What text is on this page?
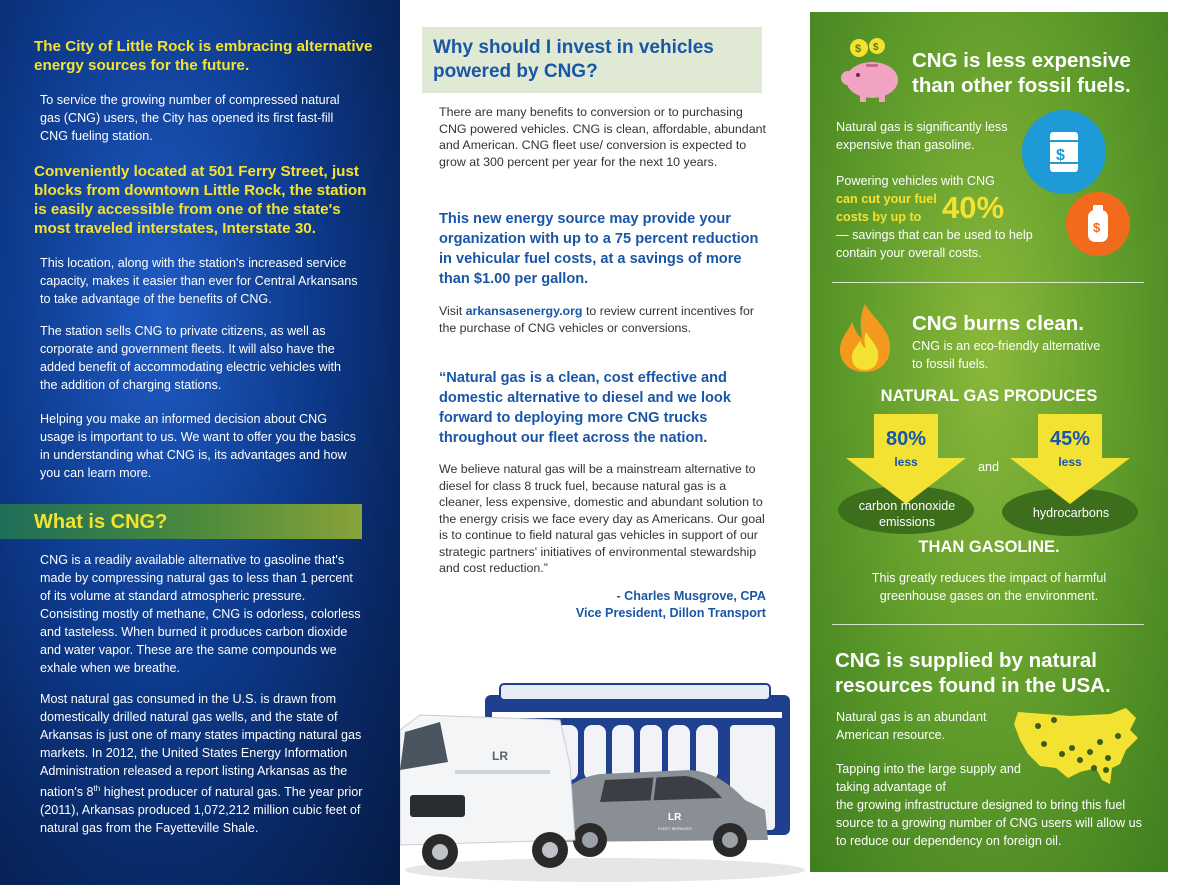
The City of Little Rock is embracing alternative energy sources for the future.
To service the growing number of compressed natural gas (CNG) users, the City has opened its first fast-fill CNG fueling station.
Conveniently located at 501 Ferry Street, just blocks from downtown Little Rock, the station is easily accessible from one of the state's most traveled interstates, Interstate 30.
This location, along with the station's increased service capacity, makes it easier than ever for Central Arkansans to take advantage of the benefits of CNG.
The station sells CNG to private citizens, as well as corporate and government fleets. It will also have the added benefit of accommodating electric vehicles with the addition of charging stations.
Helping you make an informed decision about CNG usage is important to us. We want to offer you the basics in understanding what CNG is, its advantages and how you can learn more.
What is CNG?
CNG is a readily available alternative to gasoline that's made by compressing natural gas to less than 1 percent of its volume at standard atmospheric pressure. Consisting mostly of methane, CNG is odorless, colorless and tasteless. When burned it produces carbon dioxide and water vapor. These are the same compounds we exhale when we breathe.
Most natural gas consumed in the U.S. is drawn from domestically drilled natural gas wells, and the state of Arkansas is just one of many states impacting natural gas markets. In 2012, the United States Energy Information Administration released a report listing Arkansas as the nation's 8th highest producer of natural gas. The year prior (2011), Arkansas produced 1,072,212 million cubic feet of natural gas from the Fayetteville Shale.
Why should I invest in vehicles powered by CNG?
There are many benefits to conversion or to purchasing CNG powered vehicles. CNG is clean, affordable, abundant and American. CNG fleet use/ conversion is expected to grow at 300 percent per year for the next 10 years.
This new energy source may provide your organization with up to a 75 percent reduction in vehicular fuel costs, at a savings of more than $1.00 per gallon.
Visit arkansasenergy.org to review current incentives for the purchase of CNG vehicles or conversions.
“Natural gas is a clean, cost effective and domestic alternative to diesel and we look forward to deploying more CNG trucks throughout our fleet across the nation.
We believe natural gas will be a mainstream alternative to diesel for class 8 truck fuel, because natural gas is a cleaner, less expensive, domestic and abundant solution to the energy crisis we face every day as Americans. Our goal is to continue to field natural gas vehicles in support of our strategic partners' initiatives of environmental stewardship and cost reduction.”
- Charles Musgrove, CPA
Vice President, Dillon Transport
LR
FLEET SERVICES
LR
$ $
CNG is less expensive than other fossil fuels.
Natural gas is significantly less expensive than gasoline.
$
$
Powering vehicles with CNG
can cut your fuel costs by up to 40%
— savings that can be used to help contain your overall costs.
CNG burns clean.
CNG is an eco-friendly alternative to fossil fuels.
NATURAL GAS PRODUCES
80%
less
carbon monoxide emissions
and
45%
less
hydrocarbons
THAN GASOLINE.
This greatly reduces the impact of harmful greenhouse gases on the environment.
CNG is supplied by natural resources found in the USA.
Natural gas is an abundant American resource.
Tapping into the large supply and taking advantage of
the growing infrastructure designed to bring this fuel source to a growing number of CNG users will allow us to reduce our dependency on foreign oil.
